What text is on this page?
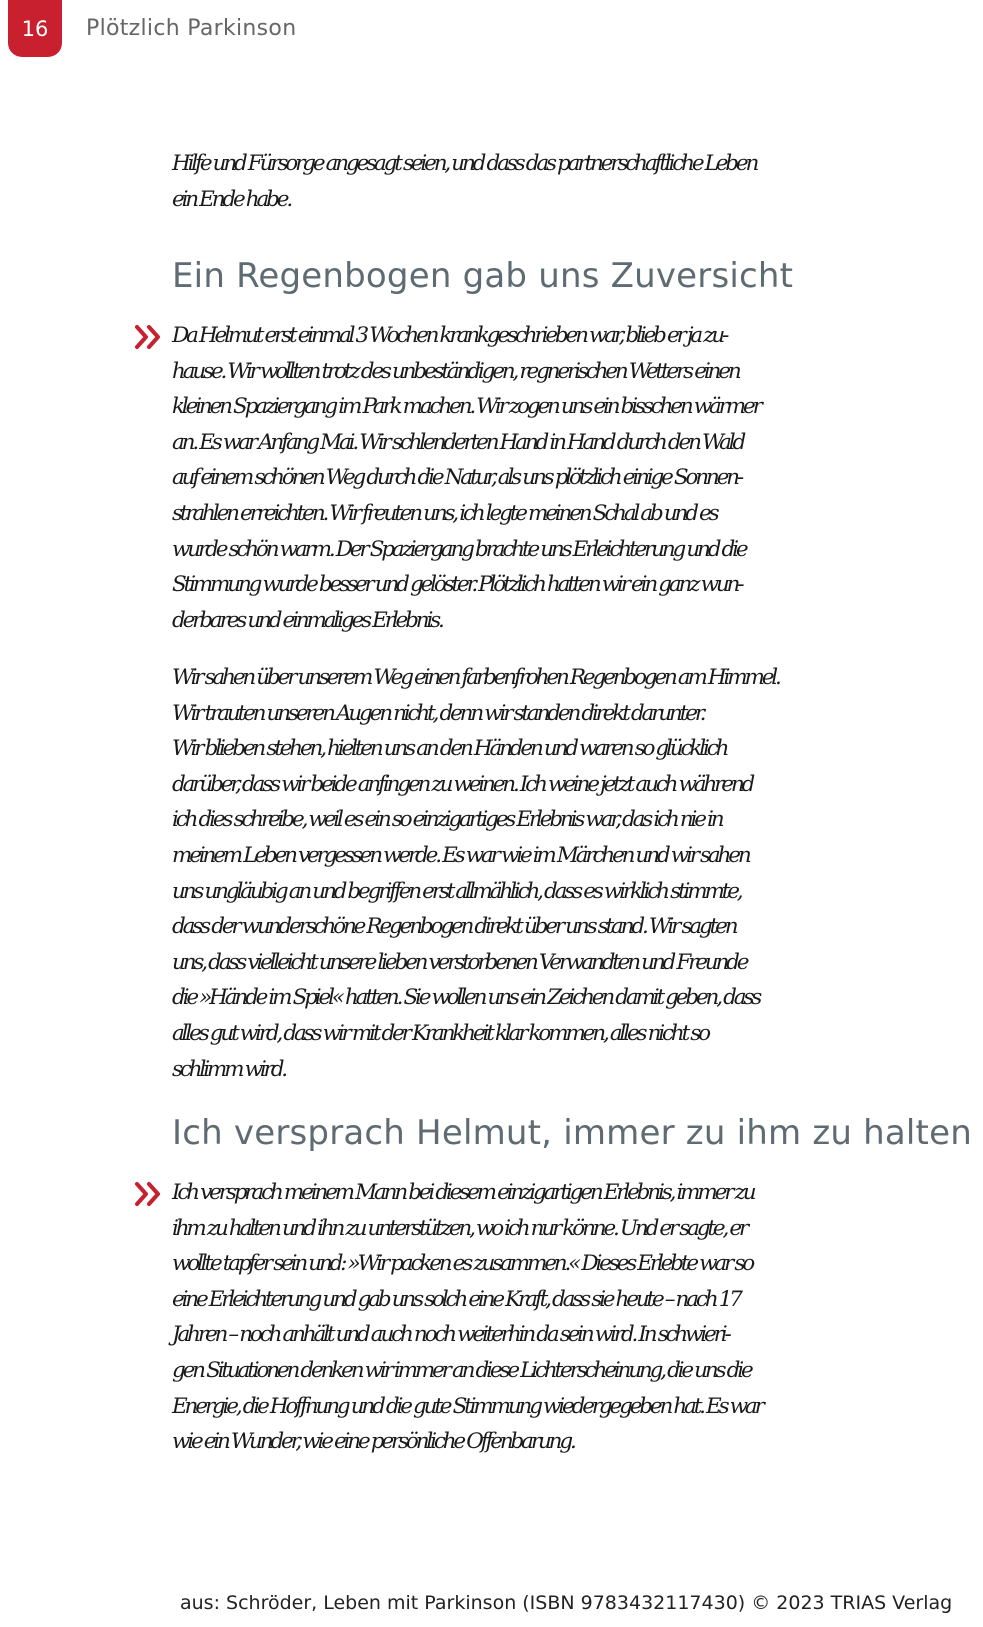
16	Plötzlich Parkinson

Hilfe und Fürsorge angesagt seien, und dass das partnerschaftliche Leben
ein Ende habe.

Ein Regenbogen gab uns Zuversicht

Da Helmut erst einmal 3 Wochen krankgeschrieben war, blieb er ja zu-
hause. Wir wollten trotz des unbeständigen, regnerischen Wetters einen
kleinen Spaziergang im Park machen. Wir zogen uns ein bisschen wärmer
an. Es war Anfang Mai. Wir schlenderten Hand in Hand durch den Wald
auf einem schönen Weg durch die Natur, als uns plötzlich einige Sonnen-
strahlen erreichten. Wir freuten uns, ich legte meinen Schal ab und es
wurde schön warm. Der Spaziergang brachte uns Erleichterung und die
Stimmung wurde besser und gelöster. Plötzlich hatten wir ein ganz wun-
derbares und einmaliges Erlebnis.

Wir sahen über unserem Weg einen farbenfrohen Regenbogen am Himmel.
Wir trauten unseren Augen nicht, denn wir standen direkt darunter.
Wir blieben stehen, hielten uns an den Händen und waren so glücklich
darüber, dass wir beide anfingen zu weinen. Ich weine jetzt auch während
ich dies schreibe, weil es ein so einzigartiges Erlebnis war, das ich nie in
meinem Leben vergessen werde. Es war wie im Märchen und wir sahen
uns ungläubig an und begriffen erst allmählich, dass es wirklich stimmte,
dass der wunderschöne Regenbogen direkt über uns stand. Wir sagten
uns, dass vielleicht unsere lieben verstorbenen Verwandten und Freunde
die »Hände im Spiel« hatten. Sie wollen uns ein Zeichen damit geben, dass
alles gut wird, dass wir mit der Krankheit klar kommen, alles nicht so
schlimm wird.

Ich versprach Helmut, immer zu ihm zu halten

Ich versprach meinem Mann bei diesem einzigartigen Erlebnis, immer zu
ihm zu halten und ihn zu unterstützen, wo ich nur könne. Und er sagte, er
wollte tapfer sein und: »Wir packen es zusammen.« Dieses Erlebte war so
eine Erleichterung und gab uns solch eine Kraft, dass sie heute – nach 17
Jahren – noch anhält und auch noch weiterhin da sein wird. In schwieri-
gen Situationen denken wir immer an diese Lichterscheinung, die uns die
Energie, die Hoffnung und die gute Stimmung wiedergegeben hat. Es war
wie ein Wunder, wie eine persönliche Offenbarung.

aus: Schröder, Leben mit Parkinson (ISBN 9783432117430) © 2023 TRIAS Verlag
